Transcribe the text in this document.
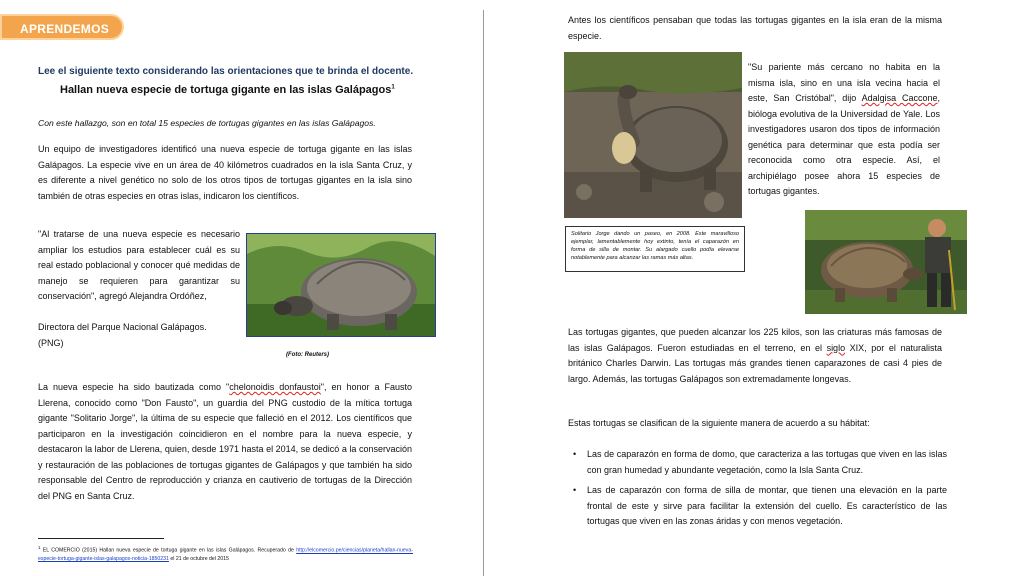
APRENDEMOS
Lee el siguiente texto considerando las orientaciones que te brinda el docente.
Hallan nueva especie de tortuga gigante en las islas Galápagos$^1$
Con este hallazgo, son en total 15 especies de tortugas gigantes en las islas Galápagos.

Un equipo de investigadores identificó una nueva especie de tortuga gigante en las islas Galápagos. La especie vive en un área de 40 kilómetros cuadrados en la isla Santa Cruz, y es diferente a nivel genético no solo de los otros tipos de tortugas gigantes en la isla sino también de otras especies en otras islas, indicaron los científicos.

"Al tratarse de una nueva especie es necesario ampliar los estudios para establecer cuál es su real estado poblacional y conocer qué medidas de manejo se requieren para garantizar su conservación", agregó Alejandra Ordóñez,

Directora del Parque Nacional Galápagos.

(PNG)

(Foto: Reuters)

La nueva especie ha sido bautizada como "chelonoidis donfaustoi", en honor a Fausto Llerena, conocido como "Don Fausto", un guardia del PNG custodio de la mítica tortuga gigante "Solitario Jorge", la última de su especie que falleció en el 2012. Los científicos que participaron en la investigación coincidieron en el nombre para la nueva especie, y destacaron la labor de Llerena, quien, desde 1971 hasta el 2014, se dedicó a la conservación y restauración de las poblaciones de tortugas gigantes de Galápagos y que también ha sido responsable del Centro de reproducción y crianza en cautiverio de tortugas de la Dirección del PNG en Santa Cruz.

$^1$ EL COMERCIO (2015) Hallan nueva especie de tortuga gigante en las islas Galápagos. Recuperado de http://elcomercio.pe/ciencias/planeta/hallan-nueva-especie-tortuga-gigante-islas-galapagos-noticia-1850231 el 21 de octubre del 2015

Antes los científicos pensaban que todas las tortugas gigantes en la isla eran de la misma especie.

"Su pariente más cercano no habita en la misma isla, sino en una isla vecina hacia el este, San Cristóbal", dijo Adalgisa Caccone, bióloga evolutiva de la Universidad de Yale. Los investigadores usaron dos tipos de información genética para determinar que esta podía ser reconocida como otra especie. Así, el archipiélago posee ahora 15 especies de tortugas gigantes.

Solitario Jorge dando un paseo, en 2008. Este maravilloso ejemplar, lamentablemente hoy extinto, tenía el caparazón en forma de silla de montar. Su alargado cuello podía elevarse notablemente para alcanzar las ramas más altas.

Las tortugas gigantes, que pueden alcanzar los 225 kilos, son las criaturas más famosas de las islas Galápagos. Fueron estudiadas en el terreno, en el siglo XIX, por el naturalista británico Charles Darwin. Las tortugas más grandes tienen caparazones de casi 4 pies de largo. Además, las tortugas Galápagos son extremadamente longevas.

Estas tortugas se clasifican de la siguiente manera de acuerdo a su hábitat:

• Las de caparazón en forma de domo, que caracteriza a las tortugas que viven en las islas con gran humedad y abundante vegetación, como la Isla Santa Cruz.
• Las de caparazón con forma de silla de montar, que tienen una elevación en la parte frontal de este y sirve para facilitar la extensión del cuello. Es característico de las tortugas que viven en las zonas áridas y con menos vegetación.
